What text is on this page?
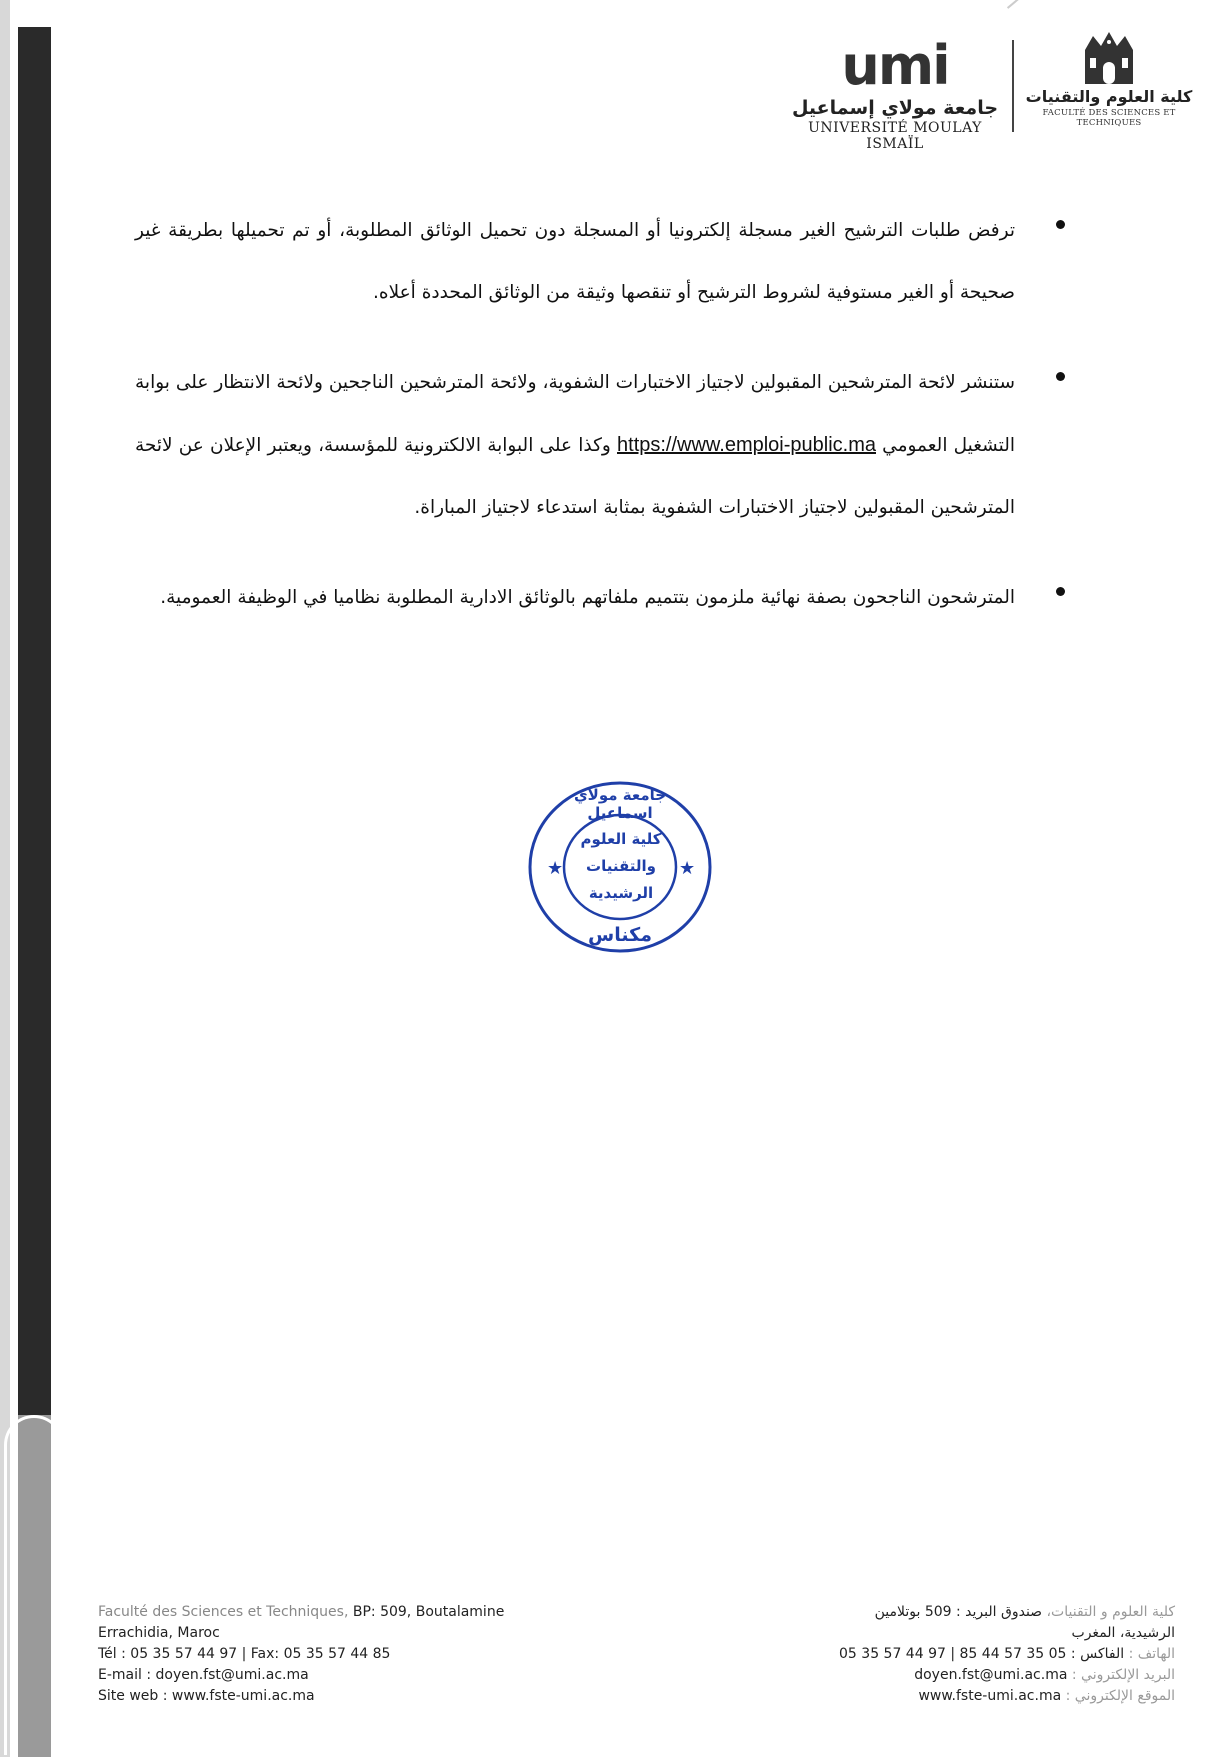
umi
جامعة مولاي إسماعيل
UNIVERSITÉ MOULAY ISMAÏL
كلية العلوم والتقنيات
FACULTÉ DES SCIENCES ET TECHNIQUES

ترفض طلبات الترشيح الغير مسجلة إلكترونيا أو المسجلة دون تحميل الوثائق المطلوبة، أو تم تحميلها بطريقة غير صحيحة أو الغير مستوفية لشروط الترشيح أو تنقصها وثيقة من الوثائق المحددة أعلاه.

ستنشر لائحة المترشحين المقبولين لاجتياز الاختبارات الشفوية، ولائحة المترشحين الناجحين ولائحة الانتظار على بوابة التشغيل العمومي https://www.emploi-public.ma وكذا على البوابة الالكترونية للمؤسسة، ويعتبر الإعلان عن لائحة المترشحين المقبولين لاجتياز الاختبارات الشفوية بمثابة استدعاء لاجتياز المباراة.

المترشحون الناجحون بصفة نهائية ملزمون بتتميم ملفاتهم بالوثائق الادارية المطلوبة نظاميا في الوظيفة العمومية.

★	★
جامعة مولاي اسماعيل
كلية العلوم
والتقنيات
الرشيدية
مكناس
Faculté des Sciences et Techniques, BP: 509, Boutalamine
Errachidia, Maroc
Tél : 05 35 57 44 97 | Fax: 05 35 57 44 85
E-mail : doyen.fst@umi.ac.ma
Site web : www.fste-umi.ac.ma
كلية العلوم و التقنيات، صندوق البريد : 509 بوتلامين
الرشيدية، المغرب
الهاتف : 05 35 57 44 97 | الفاكس : 05 35 57 44 85
البريد الإلكتروني : doyen.fst@umi.ac.ma
الموقع الإلكتروني : www.fste-umi.ac.ma
